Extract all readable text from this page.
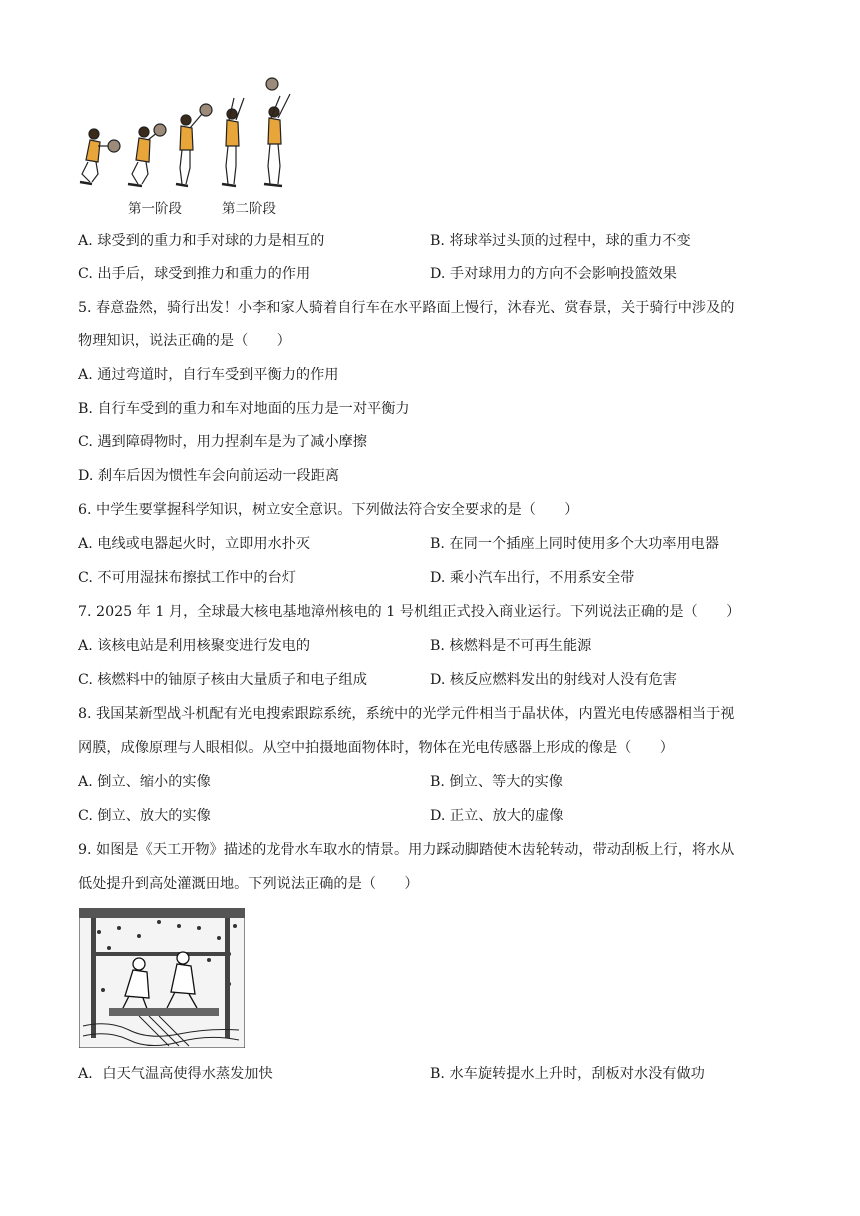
第一阶段	第二阶段
A. 球受到的重力和手对球的力是相互的	B. 将球举过头顶的过程中，球的重力不变
C. 出手后，球受到推力和重力的作用	D. 手对球用力的方向不会影响投篮效果
5. 春意盎然，骑行出发！小李和家人骑着自行车在水平路面上慢行，沐春光、赏春景，关于骑行中涉及的
物理知识，说法正确的是（　　）
A. 通过弯道时，自行车受到平衡力的作用
B. 自行车受到的重力和车对地面的压力是一对平衡力
C. 遇到障碍物时，用力捏刹车是为了减小摩擦
D. 刹车后因为惯性车会向前运动一段距离
6. 中学生要掌握科学知识，树立安全意识。下列做法符合安全要求的是（　　）
A. 电线或电器起火时，立即用水扑灭	B. 在同一个插座上同时使用多个大功率用电器
C. 不可用湿抹布擦拭工作中的台灯	D. 乘小汽车出行，不用系安全带
7. 2025 年 1 月，全球最大核电基地漳州核电的 1 号机组正式投入商业运行。下列说法正确的是（　　）
A. 该核电站是利用核聚变进行发电的	B. 核燃料是不可再生能源
C. 核燃料中的铀原子核由大量质子和电子组成	D. 核反应燃料发出的射线对人没有危害
8. 我国某新型战斗机配有光电搜索跟踪系统，系统中的光学元件相当于晶状体，内置光电传感器相当于视
网膜，成像原理与人眼相似。从空中拍摄地面物体时，物体在光电传感器上形成的像是（　　）
A. 倒立、缩小的实像	B. 倒立、等大的实像
C. 倒立、放大的实像	D. 正立、放大的虚像
9. 如图是《天工开物》描述的龙骨水车取水的情景。用力踩动脚踏使木齿轮转动，带动刮板上行，将水从
低处提升到高处灌溉田地。下列说法正确的是（　　）
A．白天气温高使得水蒸发加快	B. 水车旋转提水上升时，刮板对水没有做功
